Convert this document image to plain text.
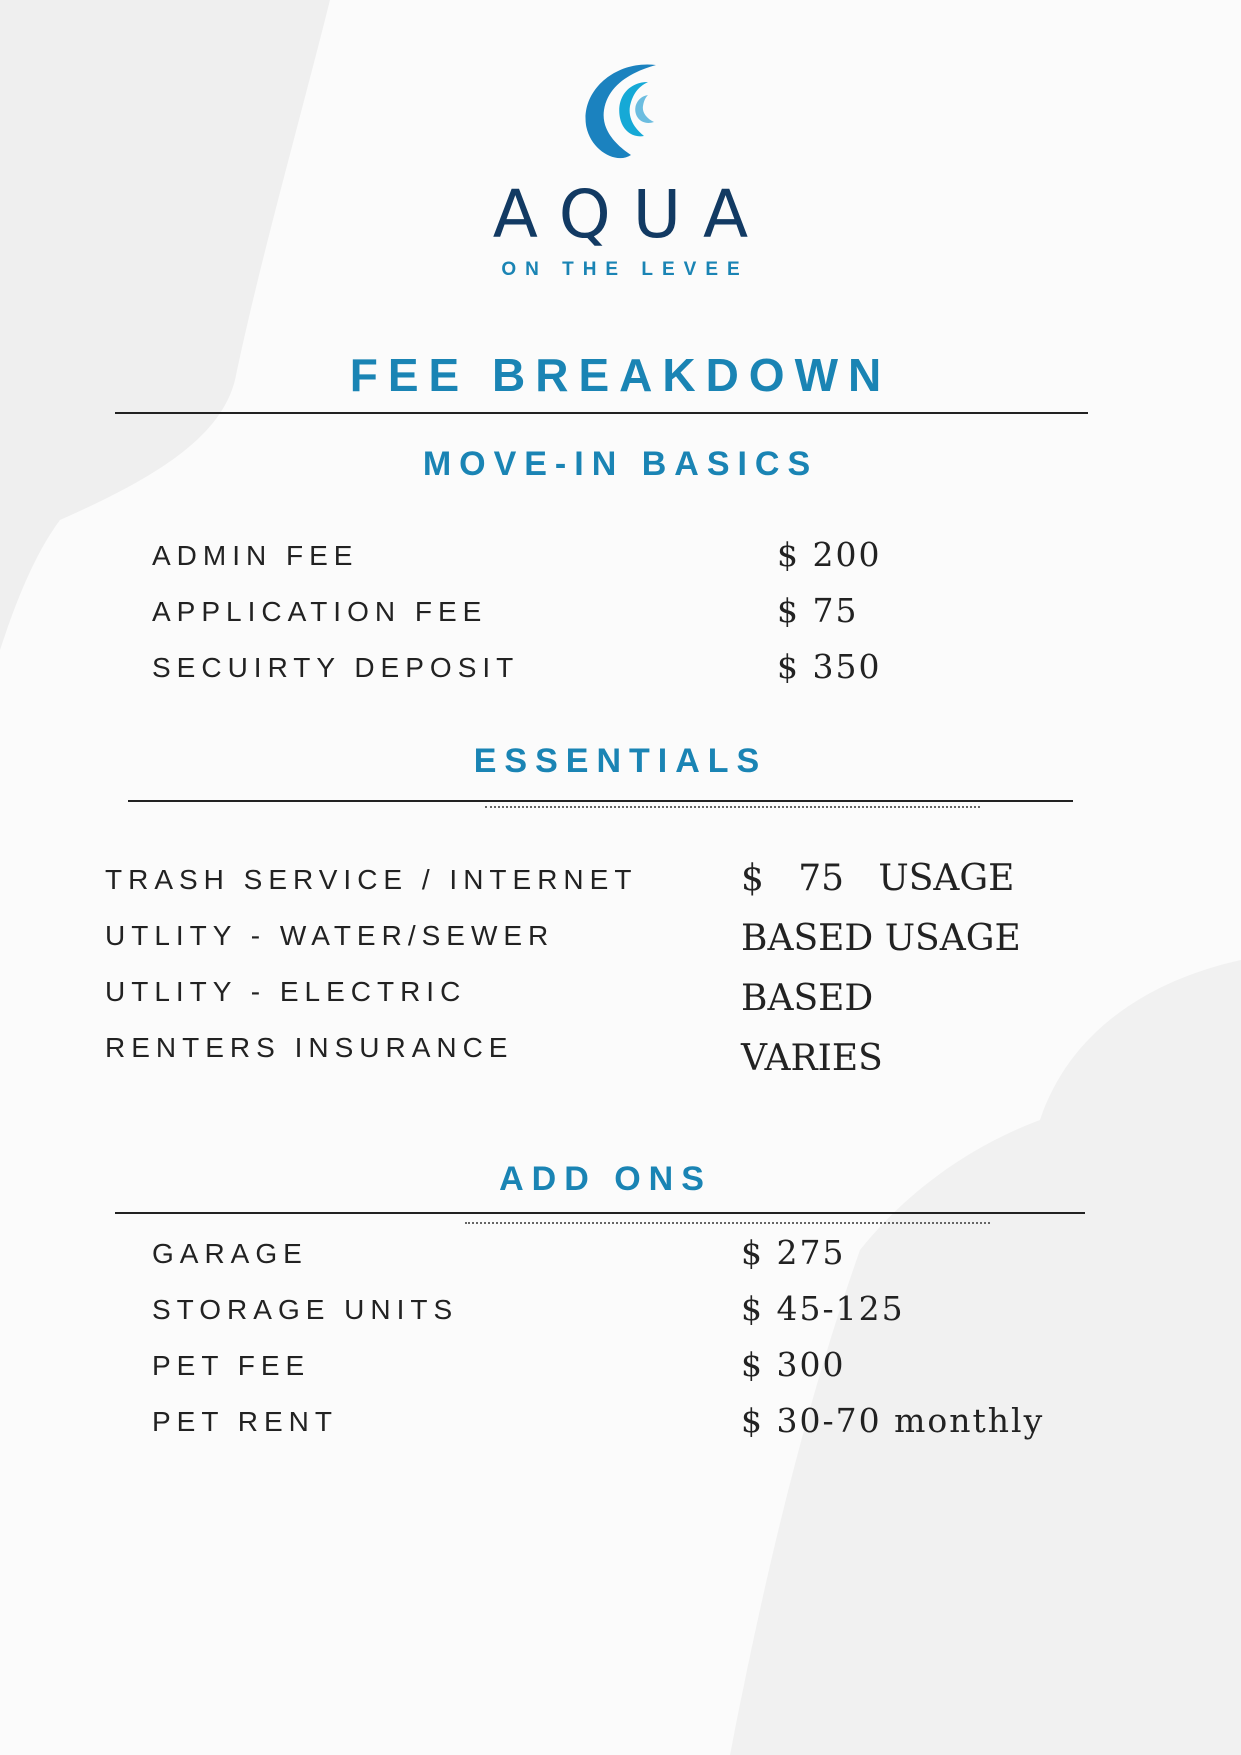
AQUA
ON THE LEVEE
FEE BREAKDOWN
MOVE-IN BASICS
ADMIN FEE	$ 200
APPLICATION FEE	$ 75
SECUIRTY DEPOSIT	$ 350
ESSENTIALS
TRASH SERVICE / INTERNET	$   75   USAGE
UTLITY - WATER/SEWER	BASED USAGE
UTLITY - ELECTRIC	BASED
RENTERS INSURANCE	VARIES
ADD ONS
GARAGE	$ 275
STORAGE UNITS	$ 45-125
PET FEE	$ 300
PET RENT	$ 30-70 monthly
